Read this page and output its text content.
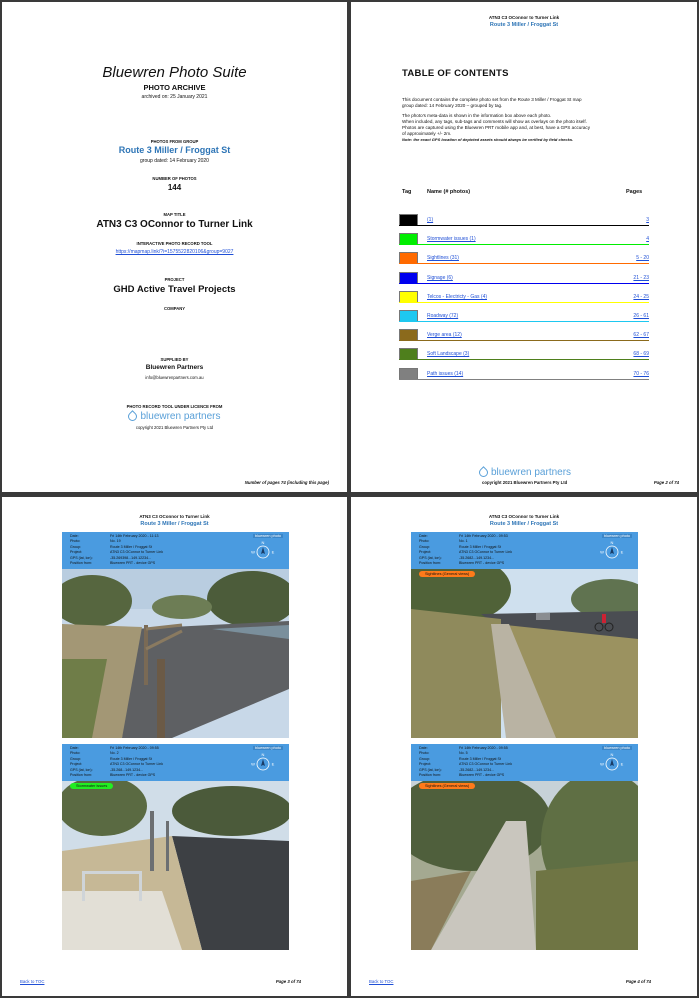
Bluewren Photo Suite
PHOTO ARCHIVE
archived on: 25 January 2021
PHOTOS FROM GROUP
Route 3 Miller / Froggat St
group dated: 14 February 2020
NUMBER OF PHOTOS
144
MAP TITLE
ATN3 C3 OConnor to Turner Link
INTERACTIVE PHOTO RECORD TOOL
https://mapmap.link/?i=1575522820106&group=9027
PROJECT
GHD Active Travel Projects
COMPANY
SUPPLIED BY
Bluewren Partners
info@bluewrenpartners.com.au
PHOTO RECORD TOOL UNDER LICENCE FROM
bluewren partners
copyright 2021 Bluewren Partners Pty Ltd
Number of pages 74 (including this page)
ATN3 C3 OConnor to Turner Link
Route 3 Miller / Froggat St
TABLE OF CONTENTS
This document contains the complete photo set from the Route 3 Miller / Froggat St map
group dated: 14 February 2020 – grouped by tag.
The photo's meta-data is shown in the information box above each photo.
When included, any tags, sub-tags and comments will show as overlays on the photo itself.
Photos are captured using the Bluewren PRT mobile app and, at best, have a GPS accuracy
of approximately +/- 2m.
Note: the exact GPS location of depicted assets should always be verified by field checks.
Tag	Name (# photos)	Pages
(1)	3
Stormwater issues (1)	4
Sightlines (31)	5 - 20
Signage (6)	21 - 23
Telcos - Electricty - Gas (4)	24 - 25
Roadway (72)	26 - 61
Verge area (12)	62 - 67
Soft Landscape (3)	68 - 69
Path issues (14)	70 - 76
bluewren partners
copyright 2021 Bluewren Partners Pty Ltd	Page 2 of 74
ATN3 C3 OConnor to Turner Link
Route 3 Miller / Froggat St
Date:	Fri 14th February 2020 - 11:13
Photo:	No. 19
Group:	Route 3 Miller / Froggat St
Project:	ATN3 C3 OConnor to Turner Link
GPS (lat, lon):	-35.269398...149.12234...
Position from:	Bluewren PRT - device GPS
bluewren photo
N
W	E
Date:	Fri 14th February 2020 - 09:55
Photo:	No. 2
Group:	Route 3 Miller / Froggat St
Project:	ATN3 C3 OConnor to Turner Link
GPS (lat, lon):	-35.268...149.1234...
Position from:	Bluewren PRT - device GPS
bluewren photo
N
W	E
Stormwater issues
Back to TOC	Page 3 of 74
ATN3 C3 OConnor to Turner Link
Route 3 Miller / Froggat St
Date:	Fri 14th February 2020 - 09:53
Photo:	No. 1
Group:	Route 3 Miller / Froggat St
Project:	ATN3 C3 OConnor to Turner Link
GPS (lat, lon):	-35.2682...149.1234...
Position from:	Bluewren PRT - device GPS
bluewren photo
N
W	E
Sightlines (General views)
Date:	Fri 14th February 2020 - 09:55
Photo:	No. 5
Group:	Route 3 Miller / Froggat St
Project:	ATN3 C3 OConnor to Turner Link
GPS (lat, lon):	-35.2682...149.1234...
Position from:	Bluewren PRT - device GPS
bluewren photo
N
W	E
Sightlines (General views)
Back to TOC	Page 4 of 74
